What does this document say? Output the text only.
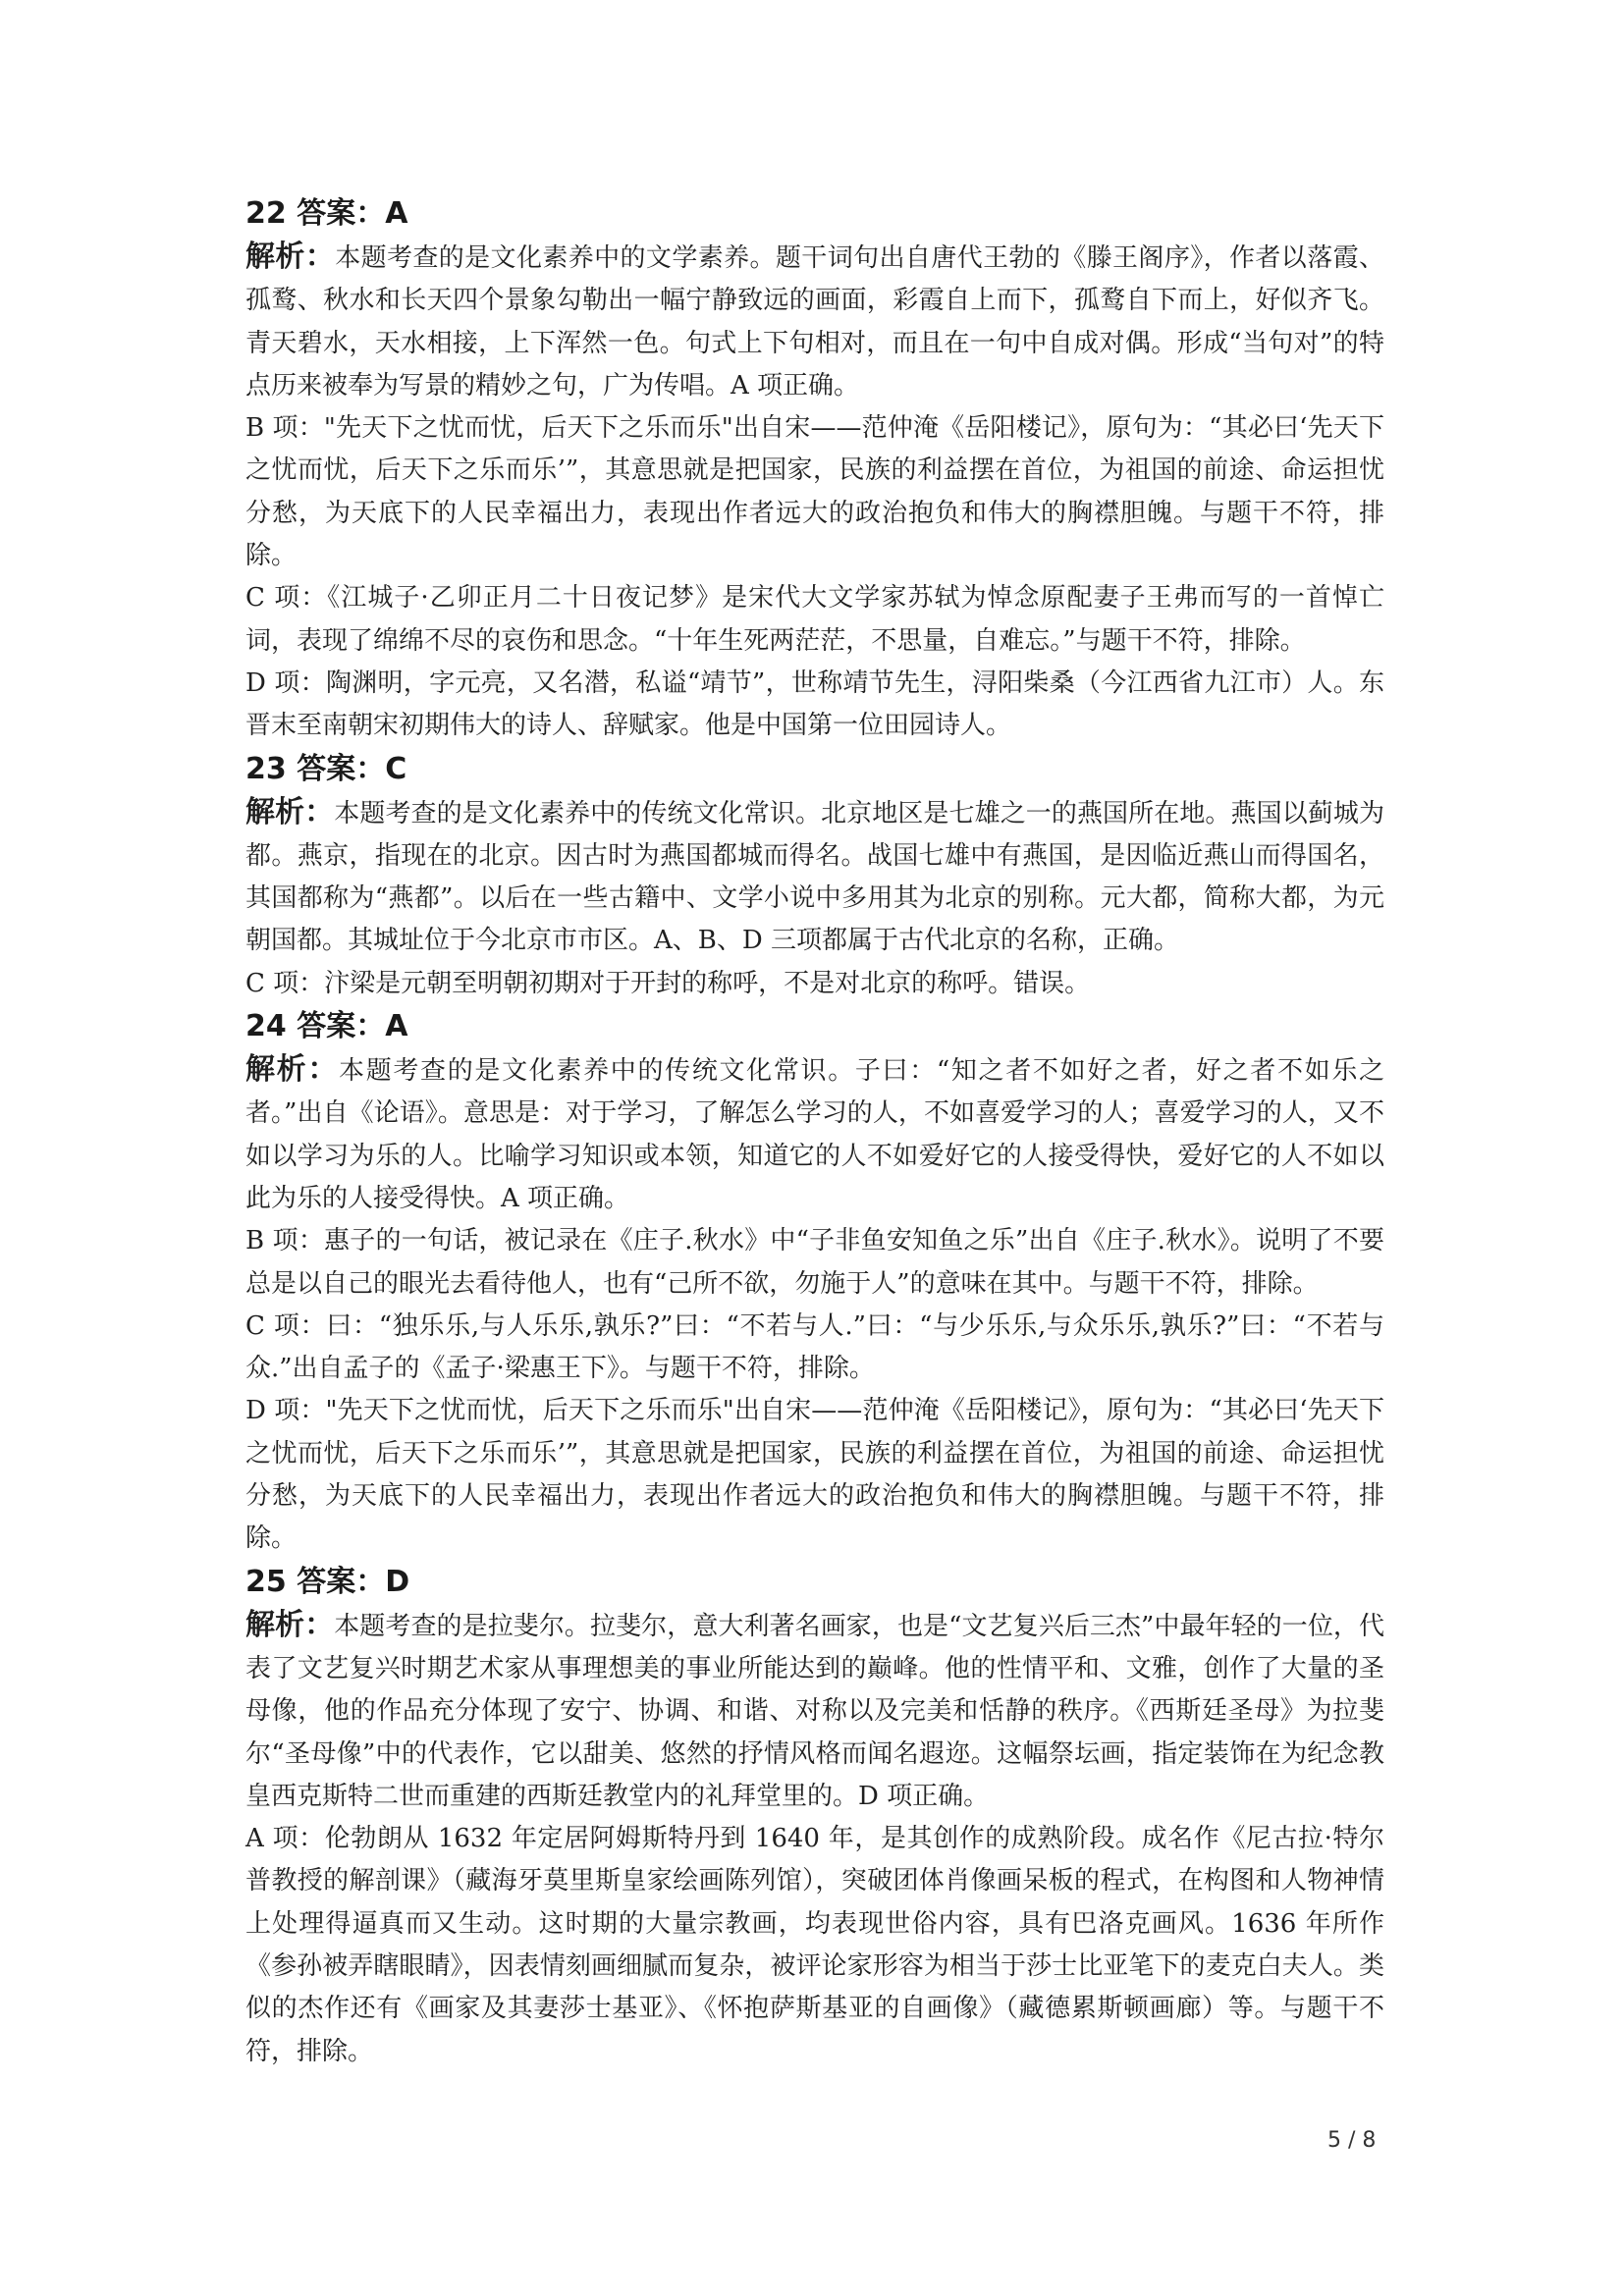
22 答案：A

解析：本题考查的是文化素养中的文学素养。题干词句出自唐代王勃的《滕王阁序》，作者以落霞、孤鹜、秋水和长天四个景象勾勒出一幅宁静致远的画面，彩霞自上而下，孤鹜自下而上，好似齐飞。青天碧水，天水相接，上下浑然一色。句式上下句相对，而且在一句中自成对偶。形成“当句对”的特点历来被奉为写景的精妙之句，广为传唱。A 项正确。

B 项："先天下之忧而忧，后天下之乐而乐"出自宋——范仲淹《岳阳楼记》，原句为：“其必曰‘先天下之忧而忧，后天下之乐而乐’”，其意思就是把国家，民族的利益摆在首位，为祖国的前途、命运担忧分愁，为天底下的人民幸福出力，表现出作者远大的政治抱负和伟大的胸襟胆魄。与题干不符，排除。

C 项：《江城子·乙卯正月二十日夜记梦》是宋代大文学家苏轼为悼念原配妻子王弗而写的一首悼亡词，表现了绵绵不尽的哀伤和思念。“十年生死两茫茫，不思量，自难忘。”与题干不符，排除。

D 项：陶渊明，字元亮，又名潜，私谥“靖节”，世称靖节先生，浔阳柴桑（今江西省九江市）人。东晋末至南朝宋初期伟大的诗人、辞赋家。他是中国第一位田园诗人。

23 答案：C

解析：本题考查的是文化素养中的传统文化常识。北京地区是七雄之一的燕国所在地。燕国以蓟城为都。燕京，指现在的北京。因古时为燕国都城而得名。战国七雄中有燕国，是因临近燕山而得国名，其国都称为“燕都”。以后在一些古籍中、文学小说中多用其为北京的别称。元大都，简称大都，为元朝国都。其城址位于今北京市市区。A、B、D 三项都属于古代北京的名称，正确。

C 项：汴梁是元朝至明朝初期对于开封的称呼，不是对北京的称呼。错误。

24 答案：A

解析：本题考查的是文化素养中的传统文化常识。子曰：“知之者不如好之者，好之者不如乐之者。”出自《论语》。意思是：对于学习，了解怎么学习的人，不如喜爱学习的人；喜爱学习的人，又不如以学习为乐的人。比喻学习知识或本领，知道它的人不如爱好它的人接受得快，爱好它的人不如以此为乐的人接受得快。A 项正确。

B 项：惠子的一句话，被记录在《庄子.秋水》中“子非鱼安知鱼之乐”出自《庄子.秋水》。说明了不要总是以自己的眼光去看待他人，也有“己所不欲，勿施于人”的意味在其中。与题干不符，排除。

C 项：曰：“独乐乐,与人乐乐,孰乐?”曰：“不若与人.”曰：“与少乐乐,与众乐乐,孰乐?”曰：“不若与众.”出自孟子的《孟子·梁惠王下》。与题干不符，排除。

D 项："先天下之忧而忧，后天下之乐而乐"出自宋——范仲淹《岳阳楼记》，原句为：“其必曰‘先天下之忧而忧，后天下之乐而乐’”，其意思就是把国家，民族的利益摆在首位，为祖国的前途、命运担忧分愁，为天底下的人民幸福出力，表现出作者远大的政治抱负和伟大的胸襟胆魄。与题干不符，排除。

25 答案：D

解析：本题考查的是拉斐尔。拉斐尔，意大利著名画家，也是“文艺复兴后三杰”中最年轻的一位，代表了文艺复兴时期艺术家从事理想美的事业所能达到的巅峰。他的性情平和、文雅，创作了大量的圣母像，他的作品充分体现了安宁、协调、和谐、对称以及完美和恬静的秩序。《西斯廷圣母》为拉斐尔“圣母像”中的代表作，它以甜美、悠然的抒情风格而闻名遐迩。这幅祭坛画，指定装饰在为纪念教皇西克斯特二世而重建的西斯廷教堂内的礼拜堂里的。D 项正确。

A 项：伦勃朗从 1632 年定居阿姆斯特丹到 1640 年，是其创作的成熟阶段。成名作《尼古拉·特尔普教授的解剖课》（藏海牙莫里斯皇家绘画陈列馆），突破团体肖像画呆板的程式，在构图和人物神情上处理得逼真而又生动。这时期的大量宗教画，均表现世俗内容，具有巴洛克画风。1636 年所作《参孙被弄瞎眼睛》，因表情刻画细腻而复杂，被评论家形容为相当于莎士比亚笔下的麦克白夫人。类似的杰作还有《画家及其妻莎士基亚》、《怀抱萨斯基亚的自画像》（藏德累斯顿画廊）等。与题干不符，排除。

5 / 8
